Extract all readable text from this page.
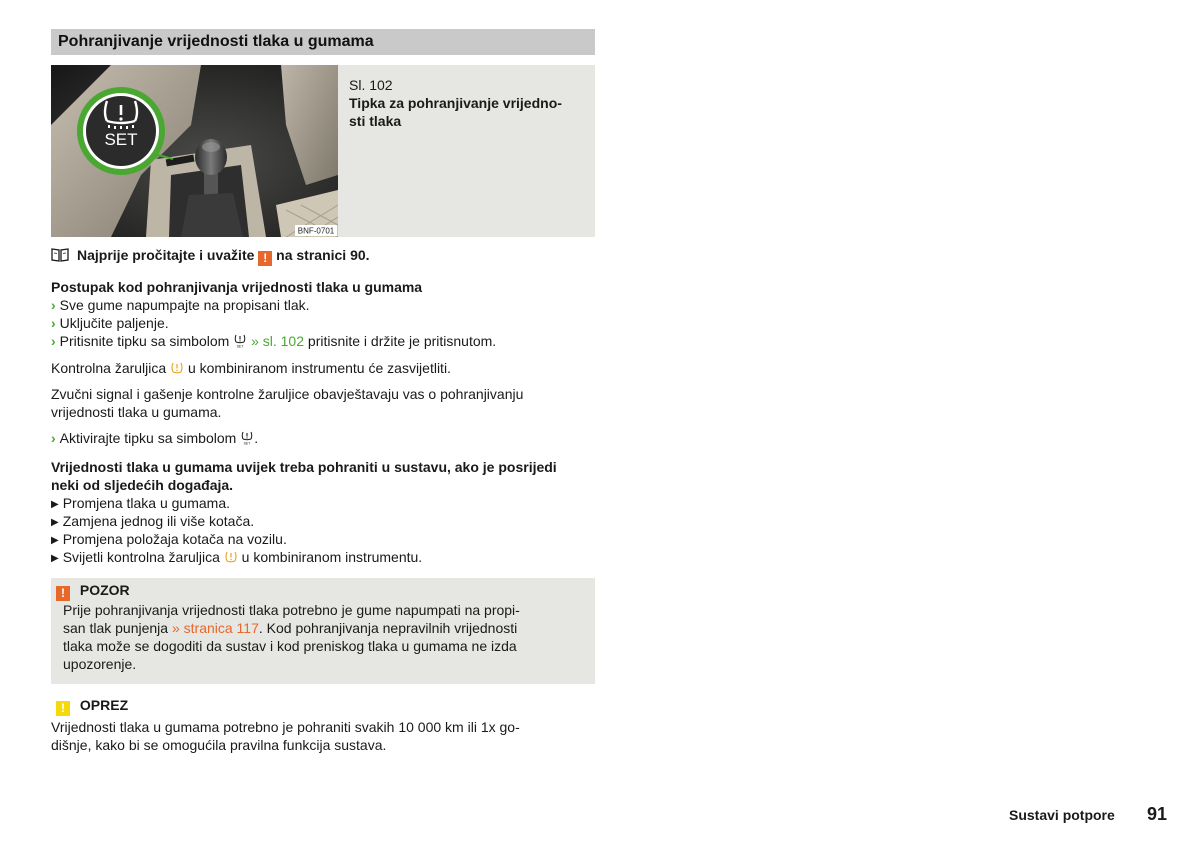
Pohranjivanje vrijednosti tlaka u gumama
SET
BNF-0701
Sl. 102
Tipka za pohranjivanje vrijedno-
sti tlaka
Najprije pročitajte i uvažite ! na stranici 90.
Postupak kod pohranjivanja vrijednosti tlaka u gumama
› Sve gume napumpajte na propisani tlak.
› Uključite paljenje.
› Pritisnite tipku sa simbolom SET » sl. 102 pritisnite i držite je pritisnutom.
Kontrolna žaruljica u kombiniranom instrumentu će zasvijetliti.
Zvučni signal i gašenje kontrolne žaruljice obavještavaju vas o pohranjivanju
vrijednosti tlaka u gumama.
› Aktivirajte tipku sa simbolom SET .
Vrijednosti tlaka u gumama uvijek treba pohraniti u sustavu, ako je posrijedi
neki od sljedećih događaja.
▶ Promjena tlaka u gumama.
▶ Zamjena jednog ili više kotača.
▶ Promjena položaja kotača na vozilu.
▶ Svijetli kontrolna žaruljica u kombiniranom instrumentu.
! POZOR
Prije pohranjivanja vrijednosti tlaka potrebno je gume napumpati na propi-
san tlak punjenja » stranica 117. Kod pohranjivanja nepravilnih vrijednosti
tlaka može se dogoditi da sustav i kod preniskog tlaka u gumama ne izda
upozorenje.
! OPREZ
Vrijednosti tlaka u gumama potrebno je pohraniti svakih 10 000 km ili 1x go-
dišnje, kako bi se omogućila pravilna funkcija sustava.
Sustavi potpore 91
